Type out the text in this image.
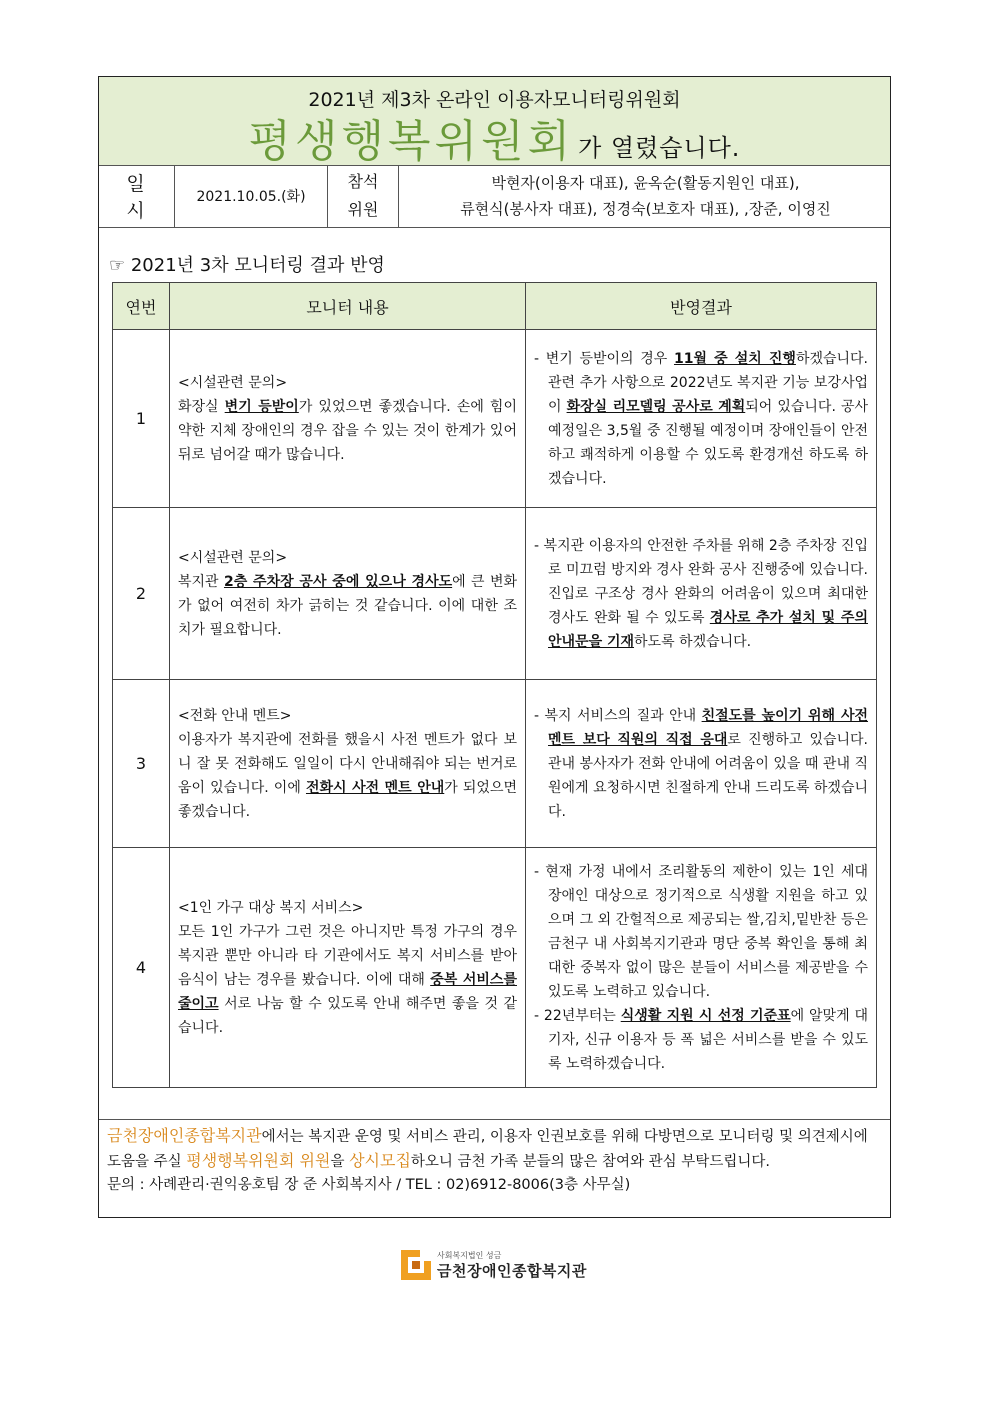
2021년 제3차 온라인 이용자모니터링위원회
평생행복위원회 가 열렸습니다.
일 시
2021.10.05.(화)
참석
위원
박현자(이용자 대표), 윤옥순(활동지원인 대표),
류현식(봉사자 대표), 정경숙(보호자 대표), ,장준, 이영진
☞ 2021년 3차 모니터링 결과 반영
연번	모니터 내용	반영결과
1	<시설관련 문의>
화장실 변기 등받이가 있었으면 좋겠습니다. 손에 힘이 약한 지체 장애인의 경우 잡을 수 있는 것이 한계가 있어 뒤로 넘어갈 때가 많습니다.	- 변기 등받이의 경우 11월 중 설치 진행하겠습니다. 관련 추가 사항으로 2022년도 복지관 기능 보강사업이 화장실 리모델링 공사로 계획되어 있습니다. 공사 예정일은 3,5월 중 진행될 예정이며 장애인들이 안전하고 쾌적하게 이용할 수 있도록 환경개선 하도록 하겠습니다.

2	<시설관련 문의>
복지관 2층 주차장 공사 중에 있으나 경사도에 큰 변화가 없어 여전히 차가 긁히는 것 같습니다. 이에 대한 조치가 필요합니다.	- 복지관 이용자의 안전한 주차를 위해 2층 주차장 진입로 미끄럼 방지와 경사 완화 공사 진행중에 있습니다. 진입로 구조상 경사 완화의 어려움이 있으며 최대한 경사도 완화 될 수 있도록 경사로 추가 설치 및 주의 안내문을 기재하도록 하겠습니다.

3	<전화 안내 멘트>
이용자가 복지관에 전화를 했을시 사전 멘트가 없다 보니 잘 못 전화해도 일일이 다시 안내해줘야 되는 번거로움이 있습니다. 이에 전화시 사전 멘트 안내가 되었으면 좋겠습니다.	- 복지 서비스의 질과 안내 친절도를 높이기 위해 사전 멘트 보다 직원의 직접 응대로 진행하고 있습니다. 관내 봉사자가 전화 안내에 어려움이 있을 때 관내 직원에게 요청하시면 친절하게 안내 드리도록 하겠습니다.

4	<1인 가구 대상 복지 서비스>
모든 1인 가구가 그런 것은 아니지만 특정 가구의 경우 복지관 뿐만 아니라 타 기관에서도 복지 서비스를 받아 음식이 남는 경우를 봤습니다. 이에 대해 중복 서비스를 줄이고 서로 나눔 할 수 있도록 안내 해주면 좋을 것 같습니다.	- 현재 가정 내에서 조리활동의 제한이 있는 1인 세대 장애인 대상으로 정기적으로 식생활 지원을 하고 있으며 그 외 간헐적으로 제공되는 쌀,김치,밑반찬 등은 금천구 내 사회복지기관과 명단 중복 확인을 통해 최대한 중복자 없이 많은 분들이 서비스를 제공받을 수 있도록 노력하고 있습니다.
- 22년부터는 식생활 지원 시 선정 기준표에 알맞게 대기자, 신규 이용자 등 폭 넓은 서비스를 받을 수 있도록 노력하겠습니다.
금천장애인종합복지관에서는 복지관 운영 및 서비스 관리, 이용자 인권보호를 위해 다방면으로 모니터링 및 의견제시에 도움을 주실 평생행복위원회 위원을 상시모집하오니 금천 가족 분들의 많은 참여와 관심 부탁드립니다.
문의 : 사례관리·권익옹호팀 장 준 사회복지사 / TEL : 02)6912-8006(3층 사무실)
사회복지법인 성금
금천장애인종합복지관
